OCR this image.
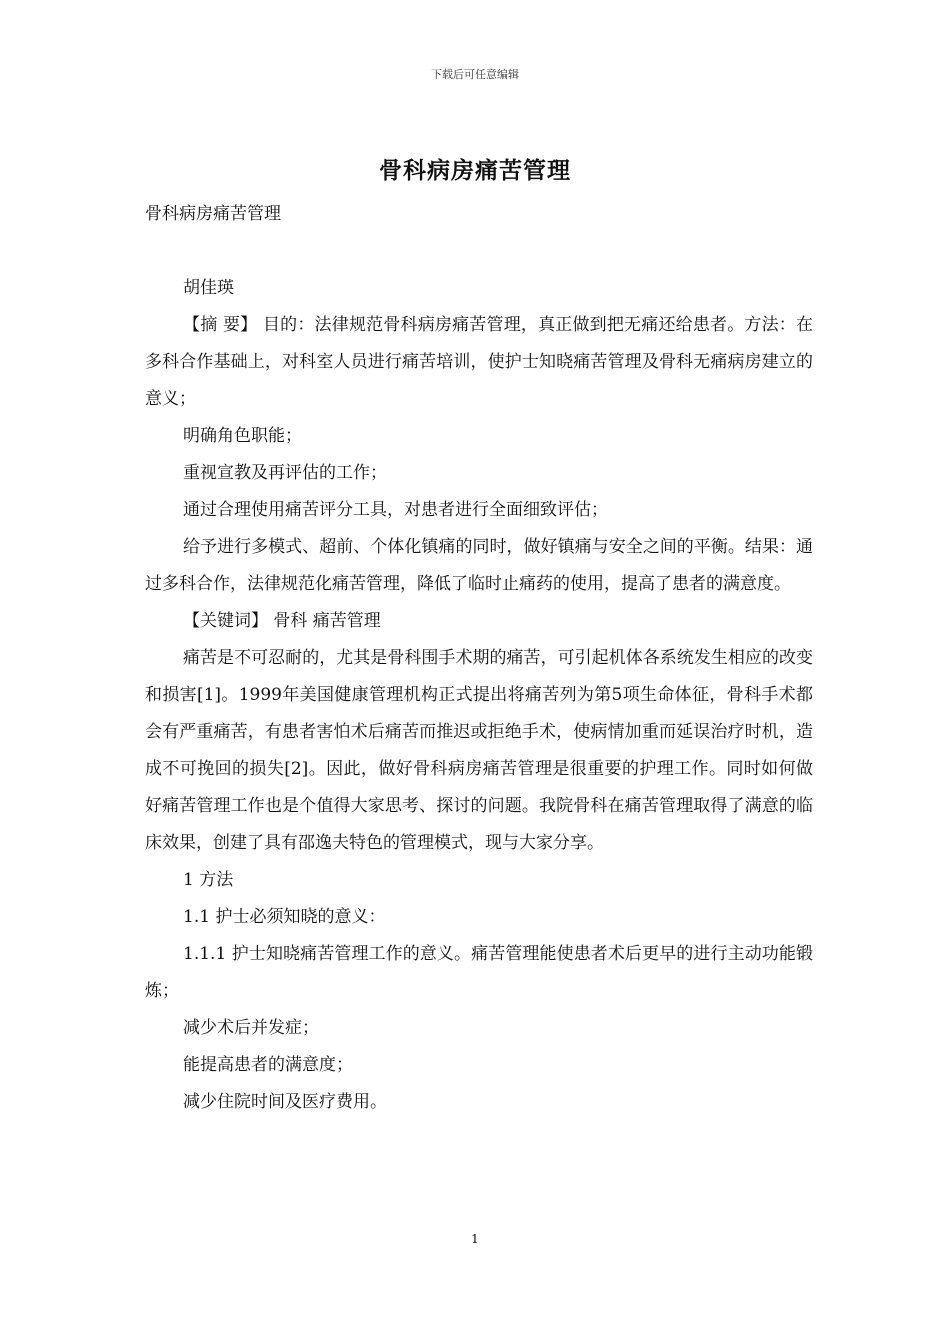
下载后可任意编辑
骨科病房痛苦管理

骨科病房痛苦管理

胡佳瑛

【摘 要】 目的：法律规范骨科病房痛苦管理，真正做到把无痛还给患者。方法：在多科合作基础上，对科室人员进行痛苦培训，使护士知晓痛苦管理及骨科无痛病房建立的意义；

明确角色职能；

重视宣教及再评估的工作；

通过合理使用痛苦评分工具，对患者进行全面细致评估；

给予进行多模式、超前、个体化镇痛的同时，做好镇痛与安全之间的平衡。结果：通过多科合作，法律规范化痛苦管理，降低了临时止痛药的使用，提高了患者的满意度。

【关键词】 骨科 痛苦管理

痛苦是不可忍耐的，尤其是骨科围手术期的痛苦，可引起机体各系统发生相应的改变和损害[1]。1999年美国健康管理机构正式提出将痛苦列为第5项生命体征，骨科手术都会有严重痛苦，有患者害怕术后痛苦而推迟或拒绝手术，使病情加重而延误治疗时机，造成不可挽回的损失[2]。因此，做好骨科病房痛苦管理是很重要的护理工作。同时如何做好痛苦管理工作也是个值得大家思考、探讨的问题。我院骨科在痛苦管理取得了满意的临床效果，创建了具有邵逸夫特色的管理模式，现与大家分享。

1 方法

1.1 护士必须知晓的意义：

1.1.1 护士知晓痛苦管理工作的意义。痛苦管理能使患者术后更早的进行主动功能锻炼；

减少术后并发症；

能提高患者的满意度；

减少住院时间及医疗费用。

1
